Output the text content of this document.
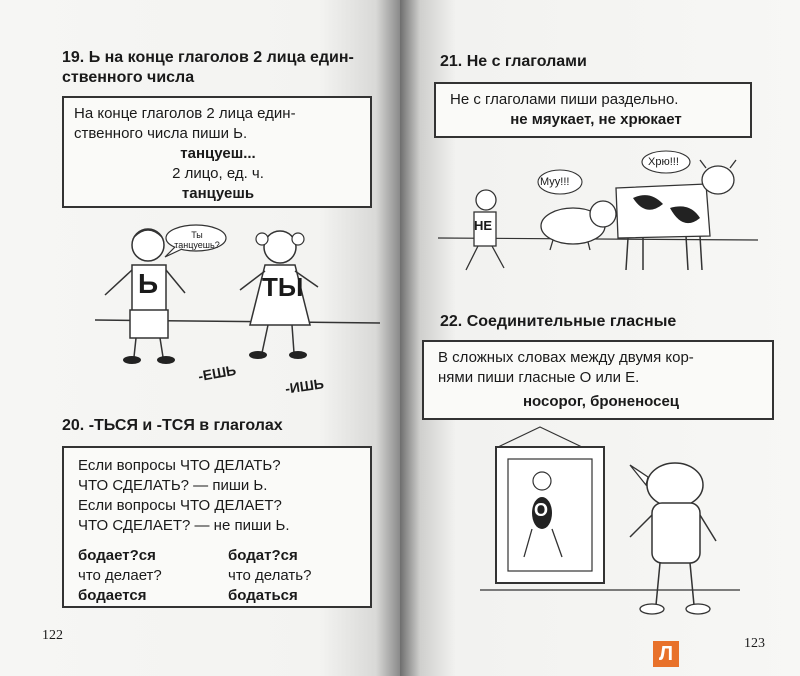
19. Ь на конце глаголов 2 лица един-
ственного числа
На конце глаголов 2 лица един-
ственного числа пиши Ь.
танцуеш...
2 лицо, ед. ч.
танцуешь
Ты танцуешь?
Ь	ТЫ
-ЕШЬ
-ИШЬ
20. -ТЬСЯ и -ТСЯ в глаголах
Если вопросы ЧТО ДЕЛАТЬ?
ЧТО СДЕЛАТЬ? — пиши Ь.
Если вопросы ЧТО ДЕЛАЕТ?
ЧТО СДЕЛАЕТ? — не пиши Ь.
бодает?ся	бодат?ся
что делает?	что делать?
бодается	бодаться
122
21. Не с глаголами
Не с глаголами пиши раздельно.
не мяукает, не хрюкает
Муу!!!
Хрю!!!
НЕ
22. Соединительные гласные
В сложных словах между двумя кор-
нями пиши гласные О или Е.
носорог, броненосец
О
123
Л
